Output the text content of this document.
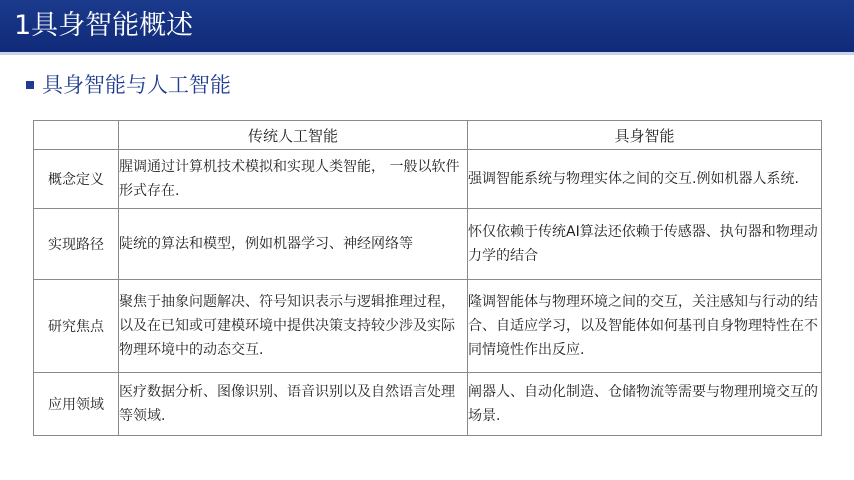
1具身智能概述
具身智能与人工智能
	传统人工智能	具身智能
概念定义	腥调通过计算机技术模拟和实现人类智能， 一般以软件形式存在.	强调智能系统与物理实体之间的交互.例如机器人系统.
实现路径	陡统的算法和模型，例如机器学习、神经网络等	怀仅依赖于传统AI算法还依赖于传感器、执句器和物理动力学的结合
研究焦点	聚焦于抽象问题解决、符号知识表示与逻辑推理过程，以及在已知或可建模环境中提供决策支持较少涉及实际物理环境中的动态交互.	隆调智能体与物理环境之间的交互，关注感知与行动的结合、自适应学习，以及智能体如何基刊自身物理特性在不同情境性作出反应.
应用领域	医疗数据分析、图像识别、语音识别以及自然语言处理等领域.	阐器人、自动化制造、仓储物流等需要与物理刑境交互的场景.
